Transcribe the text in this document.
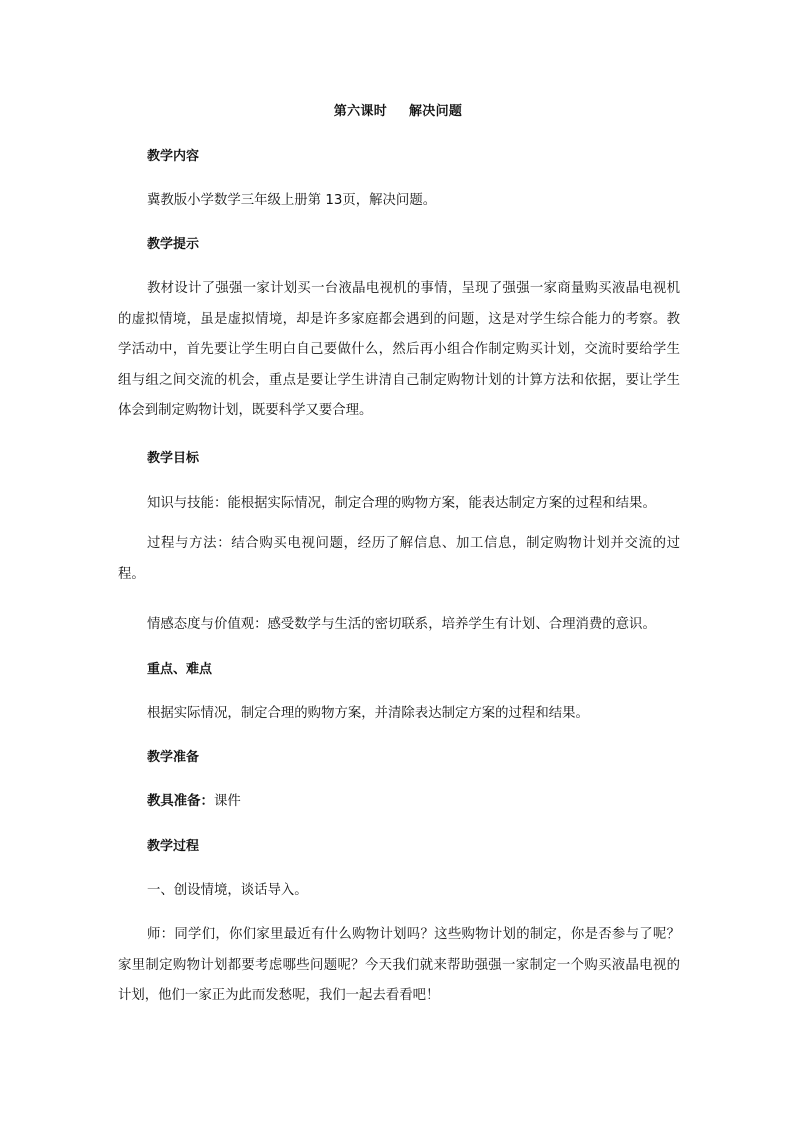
第六课时 解决问题
教学内容
冀教版小学数学三年级上册第 13页，解决问题。
教学提示
教材设计了强强一家计划买一台液晶电视机的事情，呈现了强强一家商量购买液晶电视机的虚拟情境，虽是虚拟情境，却是许多家庭都会遇到的问题，这是对学生综合能力的考察。教学活动中，首先要让学生明白自己要做什么，然后再小组合作制定购买计划，交流时要给学生组与组之间交流的机会，重点是要让学生讲清自己制定购物计划的计算方法和依据，要让学生体会到制定购物计划，既要科学又要合理。
教学目标
知识与技能：能根据实际情况，制定合理的购物方案，能表达制定方案的过程和结果。
过程与方法：结合购买电视问题，经历了解信息、加工信息，制定购物计划并交流的过程。
情感态度与价值观：感受数学与生活的密切联系，培养学生有计划、合理消费的意识。
重点、难点
根据实际情况，制定合理的购物方案，并清除表达制定方案的过程和结果。
教学准备
教具准备：课件
教学过程
一、创设情境，谈话导入。
师：同学们，你们家里最近有什么购物计划吗？这些购物计划的制定，你是否参与了呢？家里制定购物计划都要考虑哪些问题呢？今天我们就来帮助强强一家制定一个购买液晶电视的计划，他们一家正为此而发愁呢，我们一起去看看吧！
